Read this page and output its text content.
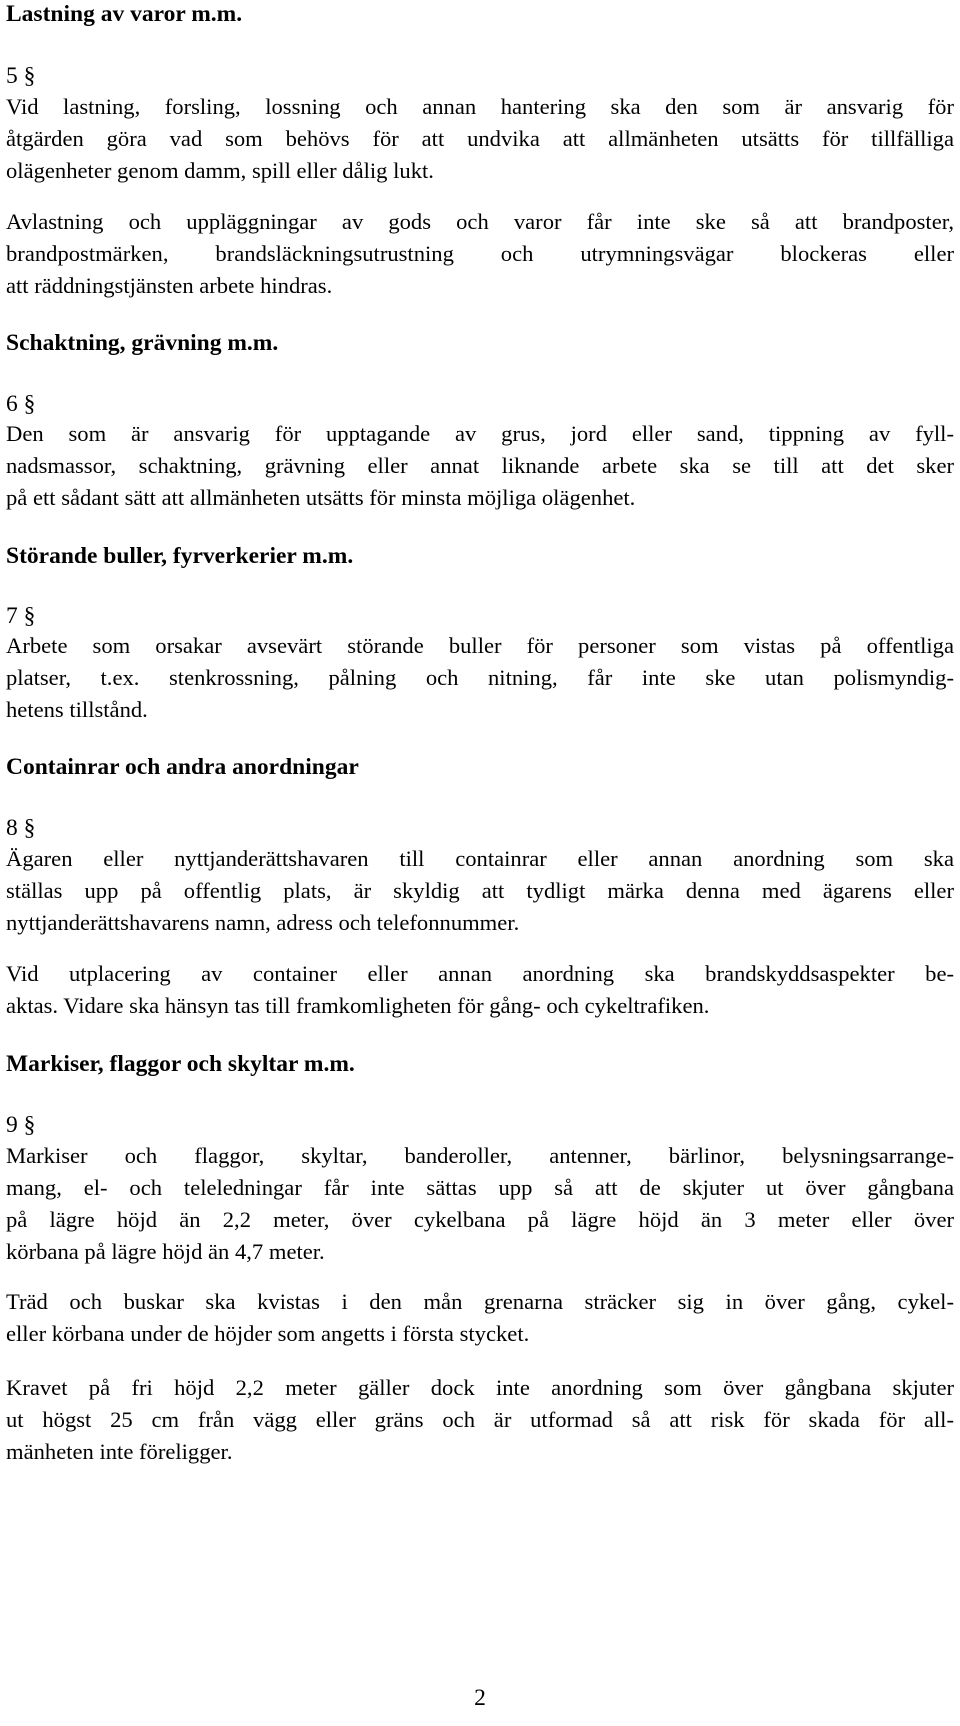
Lastning av varor m.m.
5 §
Vid lastning, forsling, lossning och annan hantering ska den som är ansvarig för
åtgärden göra vad som behövs för att undvika att allmänheten utsätts för tillfälliga
olägenheter genom damm, spill eller dålig lukt.
Avlastning och uppläggningar av gods och varor får inte ske så att brandposter,
brandpostmärken, brandsläckningsutrustning och utrymningsvägar blockeras eller
att räddningstjänsten arbete hindras.
Schaktning, grävning m.m.
6 §
Den som är ansvarig för upptagande av grus, jord eller sand, tippning av fyll-
nadsmassor, schaktning, grävning eller annat liknande arbete ska se till att det sker
på ett sådant sätt att allmänheten utsätts för minsta möjliga olägenhet.
Störande buller, fyrverkerier m.m.
7 §
Arbete som orsakar avsevärt störande buller för personer som vistas på offentliga
platser, t.ex. stenkrossning, pålning och nitning, får inte ske utan polismyndig-
hetens tillstånd.
Containrar och andra anordningar
8 §
Ägaren eller nyttjanderättshavaren till containrar eller annan anordning som ska
ställas upp på offentlig plats, är skyldig att tydligt märka denna med ägarens eller
nyttjanderättshavarens namn, adress och telefonnummer.
Vid utplacering av container eller annan anordning ska brandskyddsaspekter be-
aktas. Vidare ska hänsyn tas till framkomligheten för gång- och cykeltrafiken.
Markiser, flaggor och skyltar m.m.
9 §
Markiser och flaggor, skyltar, banderoller, antenner, bärlinor, belysningsarrange-
mang, el- och teleledningar får inte sättas upp så att de skjuter ut över gångbana
på lägre höjd än 2,2 meter, över cykelbana på lägre höjd än 3 meter eller över
körbana på lägre höjd än 4,7 meter.
Träd och buskar ska kvistas i den mån grenarna sträcker sig in över gång, cykel-
eller körbana under de höjder som angetts i första stycket.
Kravet på fri höjd 2,2 meter gäller dock inte anordning som över gångbana skjuter
ut högst 25 cm från vägg eller gräns och är utformad så att risk för skada för all-
mänheten inte föreligger.
2
